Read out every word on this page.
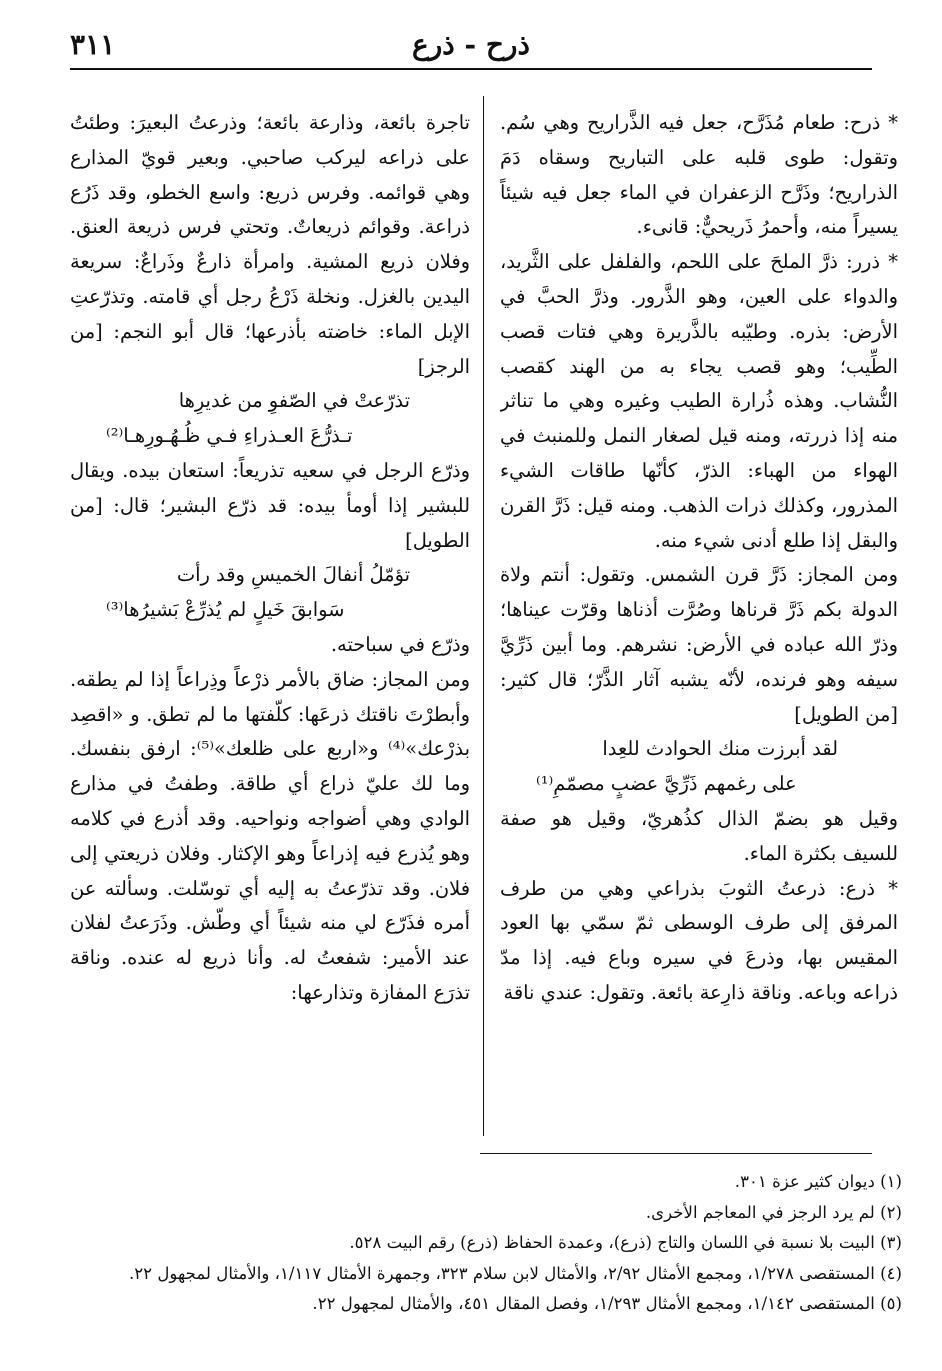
٣١١	ذرح - ذرع

* ذرح: طعام مُذَرَّح، جعل فيه الذَّراريح وهي سُم. وتقول: طوى قلبه على التباريح وسقاه دَمَ الذراريح؛ وذَرَّح الزعفران في الماء جعل فيه شيئاً يسيراً منه، وأحمرُ ذَريحيٌّ: قانىء.

* ذرر: ذرَّ الملحَ على اللحم، والفلفل على الثَّريد، والدواء على العين، وهو الذَّرور. وذرَّ الحبَّ في الأرض: بذره. وطيّبه بالذَّريرة وهي فتات قصب الطِّيب؛ وهو قصب يجاء به من الهند كقصب النُّشاب. وهذه ذُرارة الطيب وغيره وهي ما تناثر منه إذا ذررته، ومنه قيل لصغار النمل وللمنبث في الهواء من الهباء: الذرّ، كأنّها طاقات الشيء المذرور، وكذلك ذرات الذهب. ومنه قيل: ذَرَّ القرن والبقل إذا طلع أدنى شيء منه.

ومن المجاز: ذَرَّ قرن الشمس. وتقول: أنتم ولاة الدولة بكم ذَرَّ قرناها وصُرَّت أذناها وقرّت عيناها؛ وذرّ الله عباده في الأرض: نشرهم. وما أبين ذَرِّيَّ سيفه وهو فرنده، لأنّه يشبه آثار الذَّرّ؛ قال كثير: [من الطويل]

لقد أبرزت منك الحوادث للعِدا

على رغمهم ذَرِّيَّ عضبٍ مصمّمِ⁽¹⁾

وقيل هو بضمّ الذال كذُهريّ، وقيل هو صفة للسيف بكثرة الماء.

* ذرع: ذرعتُ الثوبَ بذراعي وهي من طرف المرفق إلى طرف الوسطى ثمّ سمّي بها العود المقيس بها، وذرعَ في سيره وباع فيه. إذا مدّ ذراعه وباعه. وناقة ذارِعة بائعة. وتقول: عندي ناقة

تاجرة بائعة، وذارعة بائعة؛ وذرعتُ البعيرَ: وطئتُ على ذراعه ليركب صاحبي. وبعير قويّ المذارع وهي قوائمه. وفرس ذريع: واسع الخطو، وقد ذَرُع ذراعة. وقوائم ذريعاتٌ. وتحتي فرس ذريعة العنق. وفلان ذريع المشية. وامرأة ذارعٌ وذَراعٌ: سريعة اليدين بالغزل. ونخلة ذَرْعُ رجل أي قامته. وتذرّعتِ الإبل الماء: خاضته بأذرعها؛ قال أبو النجم: [من الرجز]

تذرّعتْ في الصّفوِ من غديرِها

تـذرُّعَ العـذراءِ فـي ظُـهُـورِهـا⁽²⁾

وذرّع الرجل في سعيه تذريعاً: استعان بيده. ويقال للبشير إذا أومأ بيده: قد ذرّع البشير؛ قال: [من الطويل]

تؤمّلُ أنفالَ الخميسِ وقد رأت

سَوابقَ خَيلٍ لم يُذرِّعْ بَشيرُها⁽³⁾

وذرّع في سباحته.

ومن المجاز: ضاق بالأمر ذرْعاً وذِراعاً إذا لم يطقه. وأبطرْتَ ناقتك ذرعَها: كلّفتها ما لم تطق. و «اقصِد بذرْعك»⁽⁴⁾ و«اربع على ظلعك»⁽⁵⁾: ارفق بنفسك. وما لك عليّ ذراع أي طاقة. وطفتُ في مذارع الوادي وهي أضواجه ونواحيه. وقد أذرع في كلامه وهو يُذرع فيه إذراعاً وهو الإكثار. وفلان ذريعتي إلى فلان. وقد تذرّعتُ به إليه أي توسّلت. وسألته عن أمره فذَرّع لي منه شيئاً أي وطّش. وذَرَعتُ لفلان عند الأمير: شفعتُ له. وأنا ذريع له عنده. وناقة تذرَع المفازة وتذارعها:

(١) ديوان كثير عزة ٣٠١.

(٢) لم يرد الرجز في المعاجم الأخرى.

(٣) البيت بلا نسبة في اللسان والتاج (ذرع)، وعمدة الحفاظ (ذرع) رقم البيت ٥٢٨.

(٤) المستقصى ١/٢٧٨، ومجمع الأمثال ٢/٩٢، والأمثال لابن سلام ٣٢٣، وجمهرة الأمثال ١/١١٧، والأمثال لمجهول ٢٢.

(٥) المستقصى ١/١٤٢، ومجمع الأمثال ١/٢٩٣، وفصل المقال ٤٥١، والأمثال لمجهول ٢٢.
